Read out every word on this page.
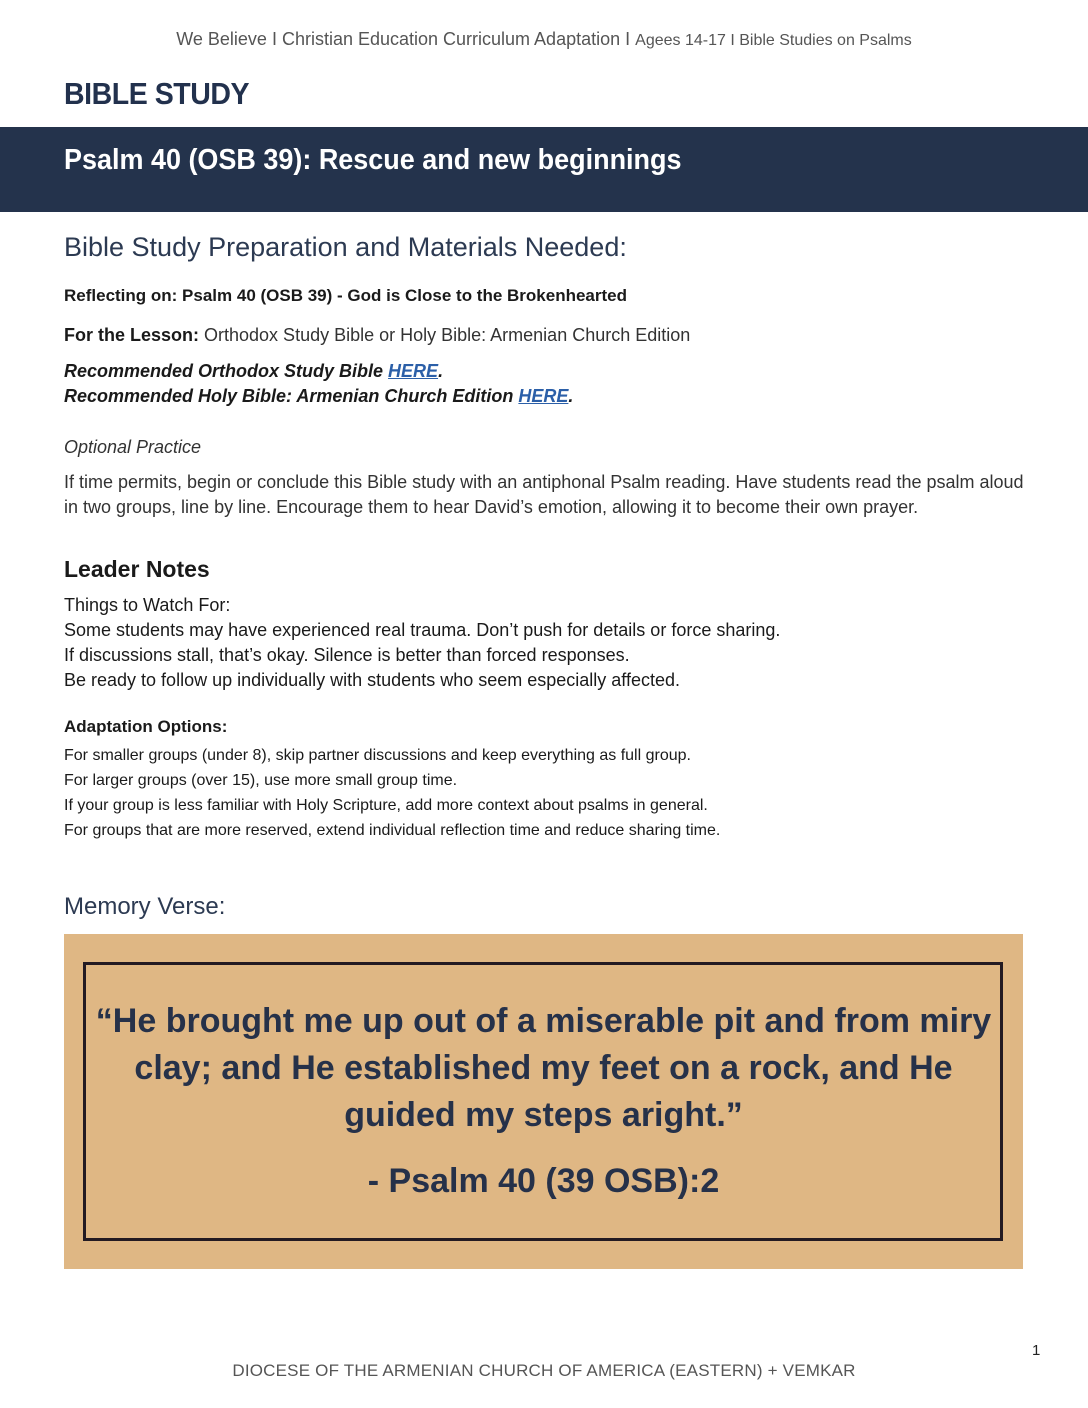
We Believe I Christian Education Curriculum Adaptation I Agees 14-17 I Bible Studies on Psalms
BIBLE STUDY
Psalm 40 (OSB 39): Rescue and new beginnings
Bible Study Preparation and Materials Needed:
Reflecting on: Psalm 40 (OSB 39) - God is Close to the Brokenhearted
For the Lesson: Orthodox Study Bible or Holy Bible: Armenian Church Edition
Recommended Orthodox Study Bible HERE.
Recommended Holy Bible: Armenian Church Edition HERE.
Optional Practice
If time permits, begin or conclude this Bible study with an antiphonal Psalm reading. Have students read the psalm aloud in two groups, line by line. Encourage them to hear David’s emotion, allowing it to become their own prayer.
Leader Notes
Things to Watch For:
Some students may have experienced real trauma. Don’t push for details or force sharing.
If discussions stall, that’s okay. Silence is better than forced responses.
Be ready to follow up individually with students who seem especially affected.
Adaptation Options:
For smaller groups (under 8), skip partner discussions and keep everything as full group.
For larger groups (over 15), use more small group time.
If your group is less familiar with Holy Scripture, add more context about psalms in general.
For groups that are more reserved, extend individual reflection time and reduce sharing time.
Memory Verse:
“He brought me up out of a miserable pit and from miry clay; and He established my feet on a rock, and He guided my steps aright.”
- Psalm 40 (39 OSB):2
1
DIOCESE OF THE ARMENIAN CHURCH OF AMERICA (EASTERN) + VEMKAR
